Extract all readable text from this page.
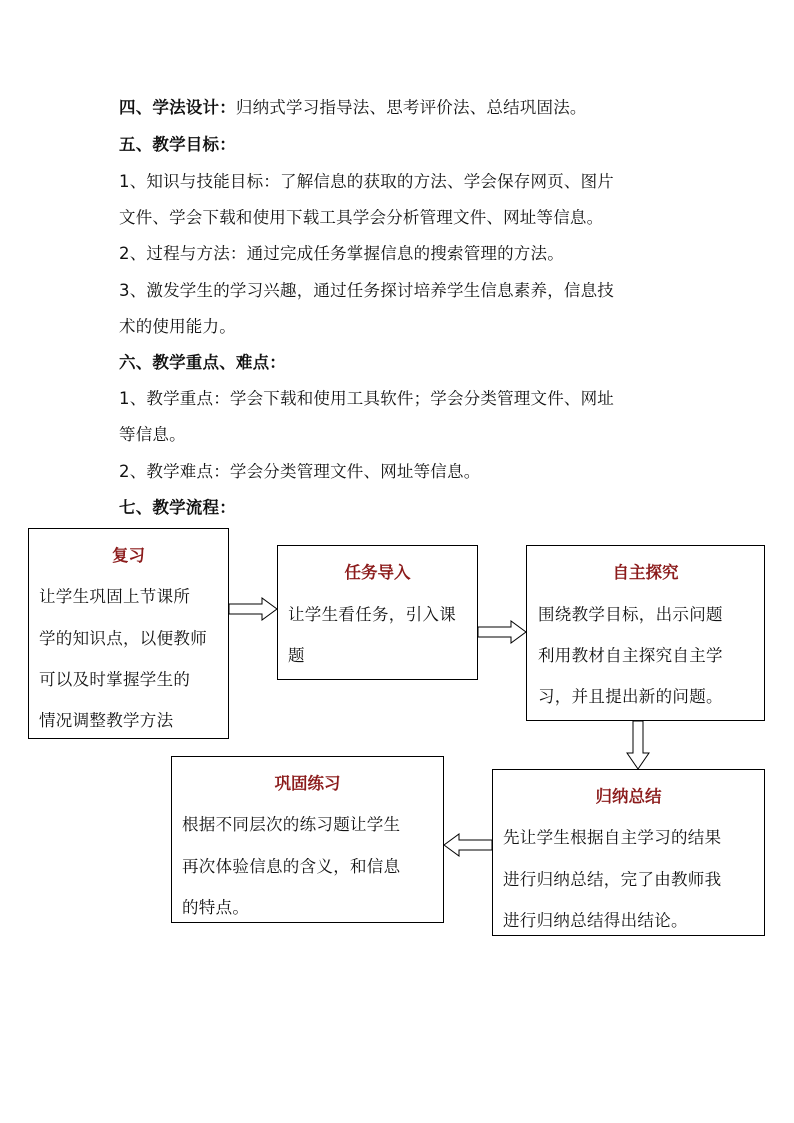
四、学法设计：归纳式学习指导法、思考评价法、总结巩固法。
五、教学目标：
1、知识与技能目标：了解信息的获取的方法、学会保存网页、图片
文件、学会下载和使用下载工具学会分析管理文件、网址等信息。
2、过程与方法：通过完成任务掌握信息的搜索管理的方法。
3、激发学生的学习兴趣，通过任务探讨培养学生信息素养，信息技
术的使用能力。
六、教学重点、难点：
1、教学重点：学会下载和使用工具软件；学会分类管理文件、网址
等信息。
2、教学难点：学会分类管理文件、网址等信息。
七、教学流程：
复习
让学生巩固上节课所
学的知识点，以便教师
可以及时掌握学生的
情况调整教学方法
任务导入
让学生看任务，引入课
题
自主探究
围绕教学目标，出示问题
利用教材自主探究自主学
习，并且提出新的问题。
归纳总结
先让学生根据自主学习的结果
进行归纳总结，完了由教师我
进行归纳总结得出结论。
巩固练习
根据不同层次的练习题让学生
再次体验信息的含义，和信息
的特点。
